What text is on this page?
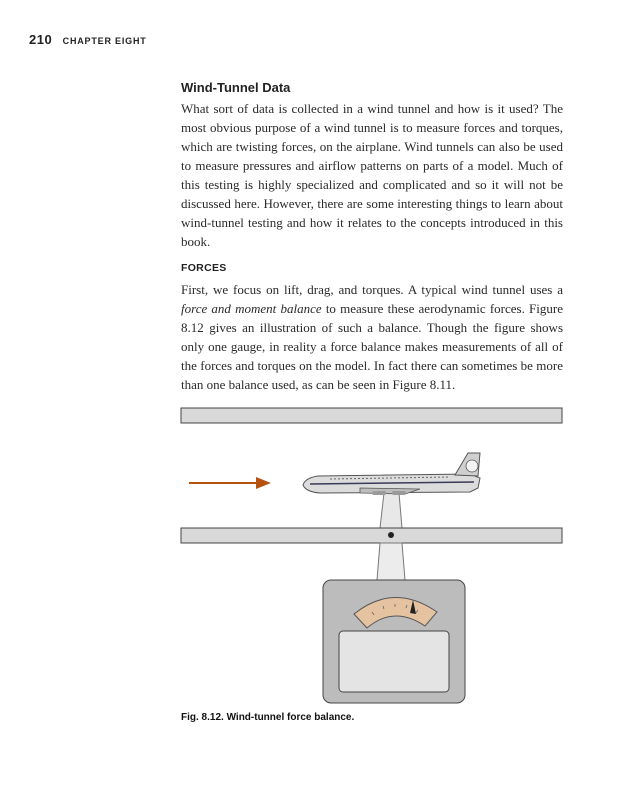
210 CHAPTER EIGHT
Wind-Tunnel Data

What sort of data is collected in a wind tunnel and how is it used? The most obvious purpose of a wind tunnel is to measure forces and torques, which are twisting forces, on the airplane. Wind tunnels can also be used to measure pressures and airflow patterns on parts of a model. Much of this testing is highly specialized and complicated and so it will not be discussed here. However, there are some interesting things to learn about wind-tunnel testing and how it relates to the concepts introduced in this book.

FORCES

First, we focus on lift, drag, and torques. A typical wind tunnel uses a force and moment balance to measure these aerodynamic forces. Figure 8.12 gives an illustration of such a balance. Though the figure shows only one gauge, in reality a force balance makes measurements of all of the forces and torques on the model. In fact there can sometimes be more than one balance used, as can be seen in Figure 8.11.

Fig. 8.12. Wind-tunnel force balance.
